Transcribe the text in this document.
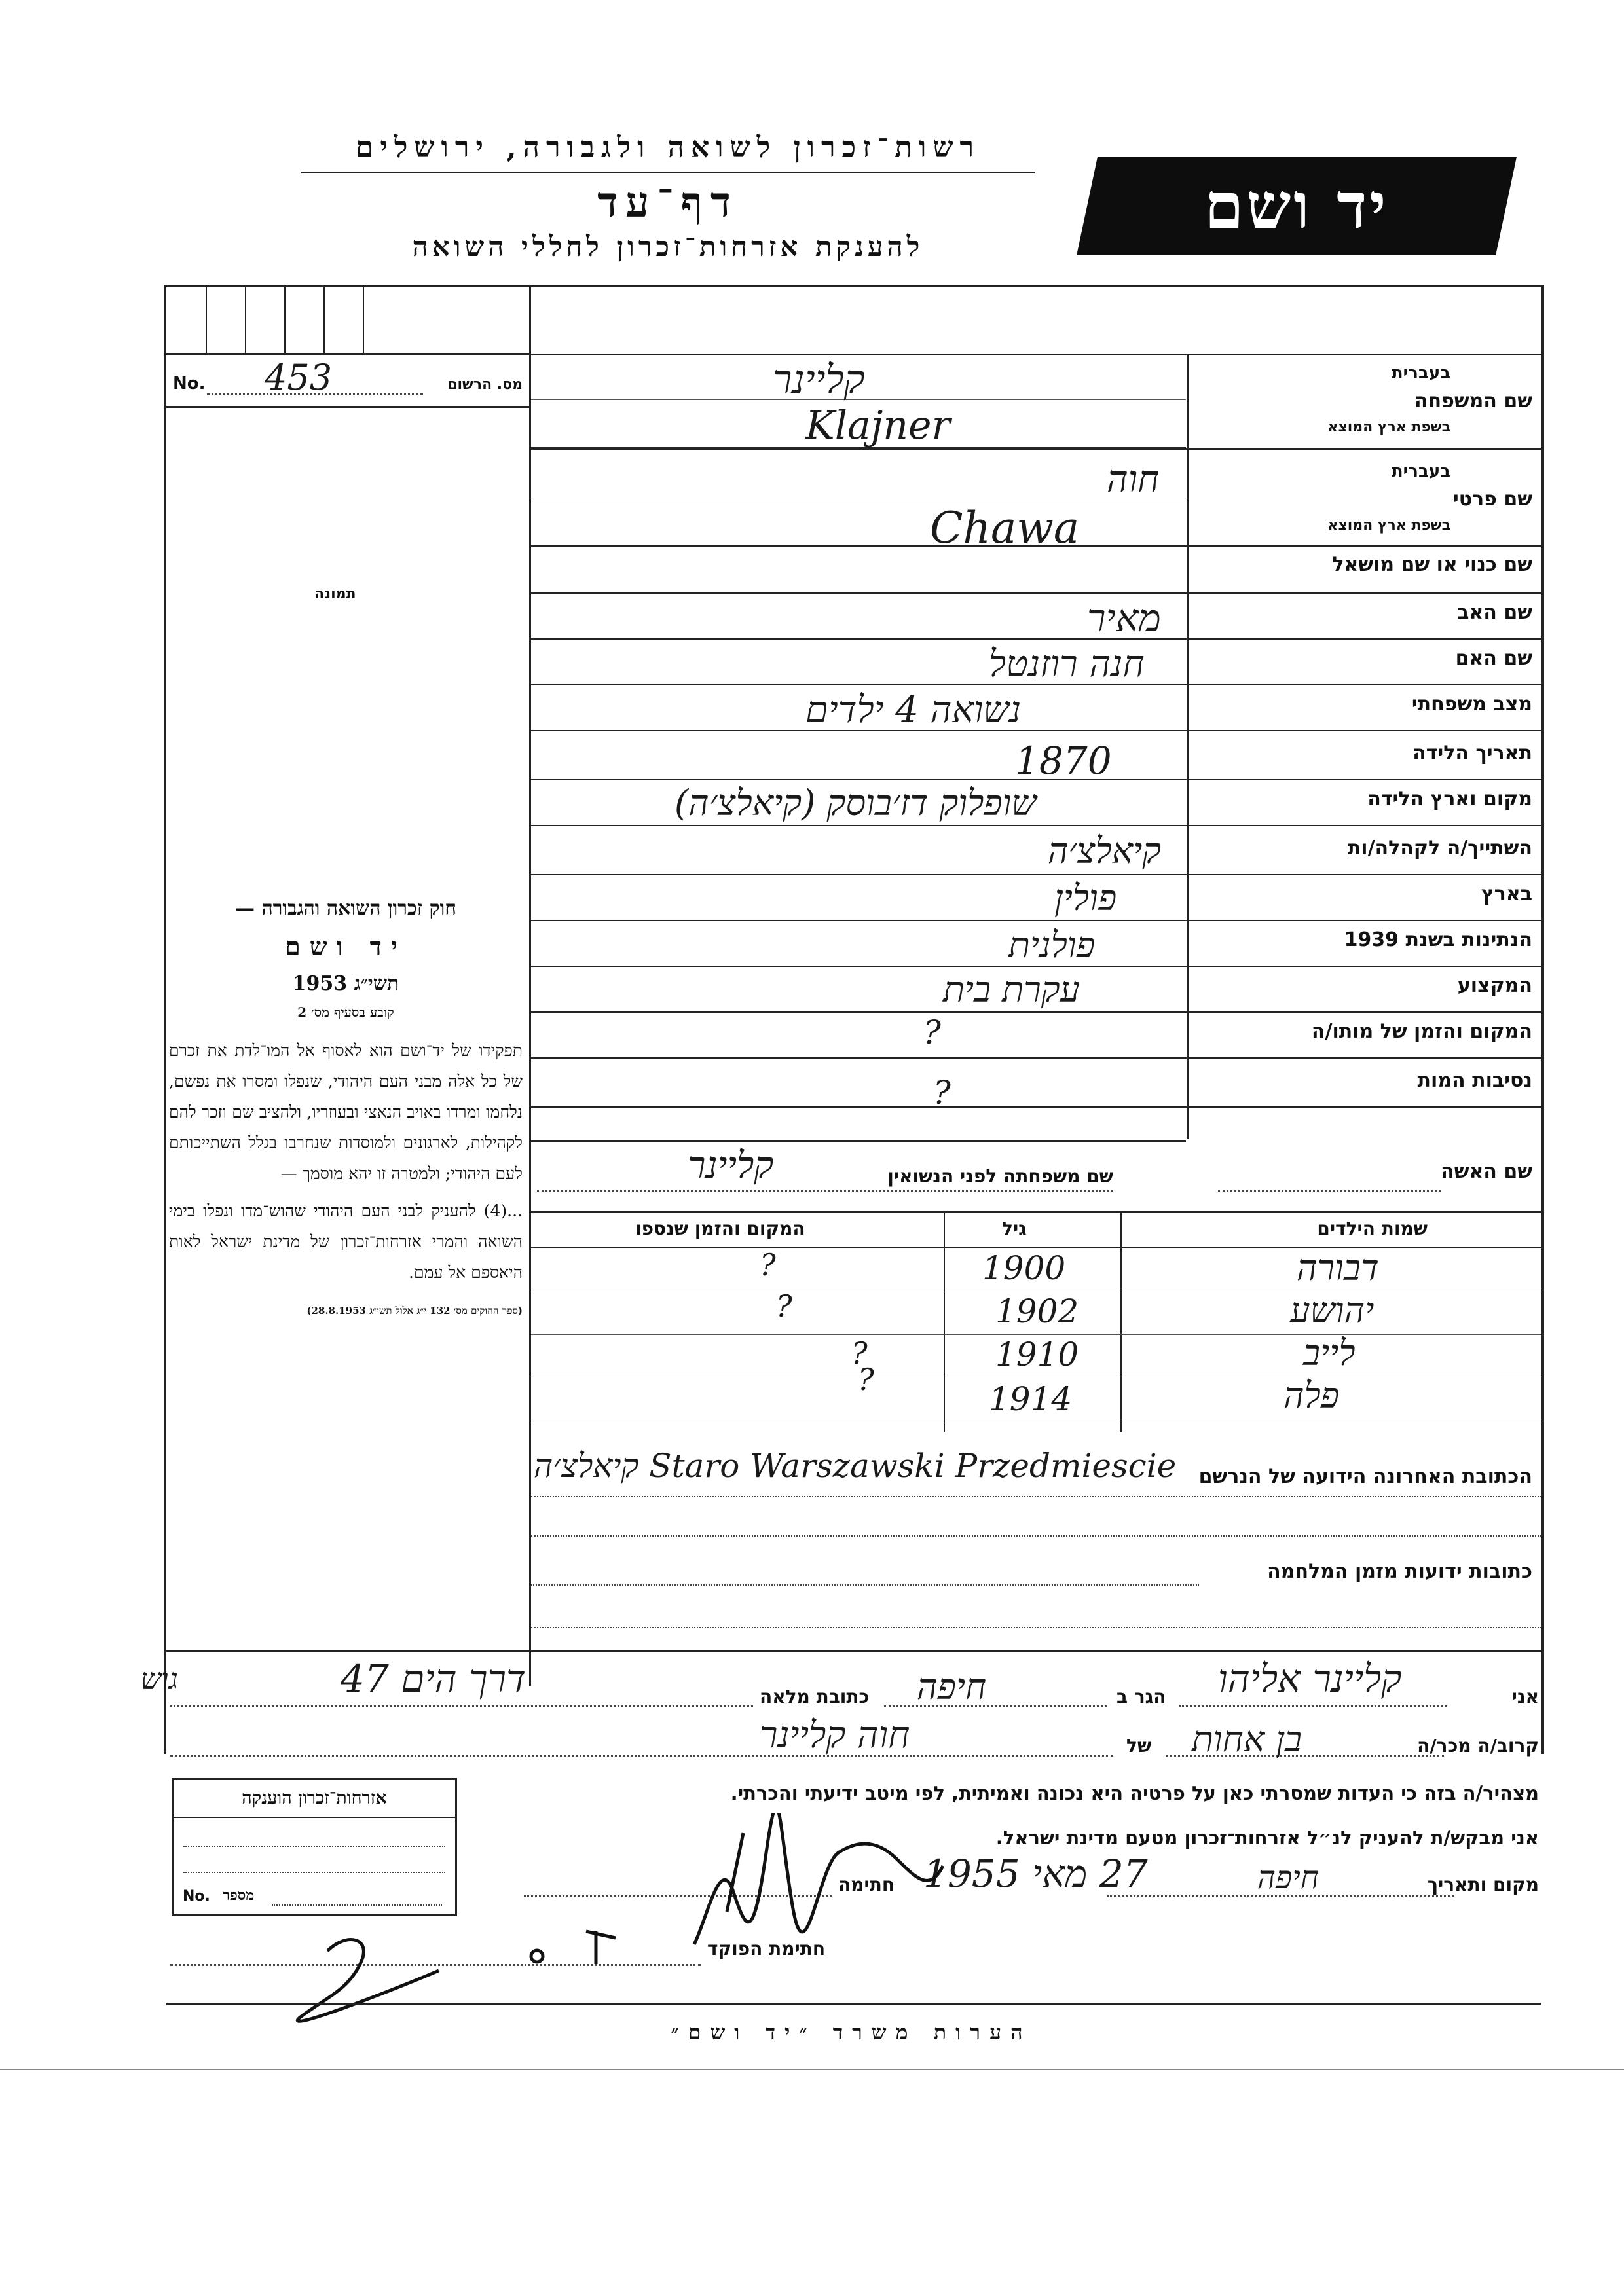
רשות־זכרון לשואה ולגבורה, ירושלים
דף־עד
להענקת אזרחות־זכרון לחללי השואה
יד ושם
No. 453	מס. הרשום
תמונה

חוק זכרון השואה והגבורה —

יד ושם

תשי״ג 1953

קובע בסעיף מס׳ 2

תפקידו של יד־ושם הוא לאסוף אל המו־לדת את זכרם של כל אלה מבני העם היהודי, שנפלו ומסרו את נפשם, נלחמו ומרדו באויב הנאצי ובעוזריו, ולהציב שם וזכר להם לקהילות, לארגונים ולמוסדות שנחרבו בגלל השתייכותם לעם היהודי; ולמטרה זו יהא מוסמך —

...(4) להעניק לבני העם היהודי שהוש־מדו ונפלו בימי השואה והמרי אזרחות־זכרון של מדינת ישראל לאות היאספם אל עמם.

(ספר החוקים מס׳ 132 י״ג אלול תשי״ג 28.8.1953)

שם המשפחה
בעברית
בשפת ארץ המוצא
שם פרטי
בעברית
בשפת ארץ המוצא
שם כנוי או שם מושאל
שם האב
שם האם
מצב משפחתי
תאריך הלידה
מקום וארץ הלידה
השתייך/ה לקהלה/ות
בארץ
הנתינות בשנת 1939
המקצוע
המקום והזמן של מותו/ה
נסיבות המות
קליינר
Klajner
חוה
Chawa
מאיר
חנה רוזנטל
נשואה 4 ילדים
1870
שופלוק דז׳בוסק (קיאלצ׳ה)
קיאלצ׳ה
פולין
פולנית
עקרת בית
?
?
שם האשה
שם משפחתה לפני הנשואין
קליינר
שמות הילדים
גיל
המקום והזמן שנספו
דבורה
1900
?
יהושע
1902
?
לייב
1910
?
פלה
1914
?
הכתובת האחרונה הידועה של הנרשם
קיאלצ׳ה Staro Warszawski Przedmiescie
כתובות ידועות מזמן המלחמה
אני
קליינר אליהו
הגר ב
חיפה
כתובת מלאה
דרך הים 47
גוש
קרוב/ה מכר/ה
בן אחות
של
חוה קליינר
מצהיר/ה בזה כי העדות שמסרתי כאן על פרטיה היא נכונה ואמיתית, לפי מיטב ידיעתי והכרתי.
אני מבקש/ת להעניק לנ״ל אזרחות־זכרון מטעם מדינת ישראל.
אזרחות־זכרון הוענקה
No. מספר	מקום ותאריך
חיפה
27 מאי 1955
חתימה
חתימת הפוקד
הערות משרד ״יד ושם״
